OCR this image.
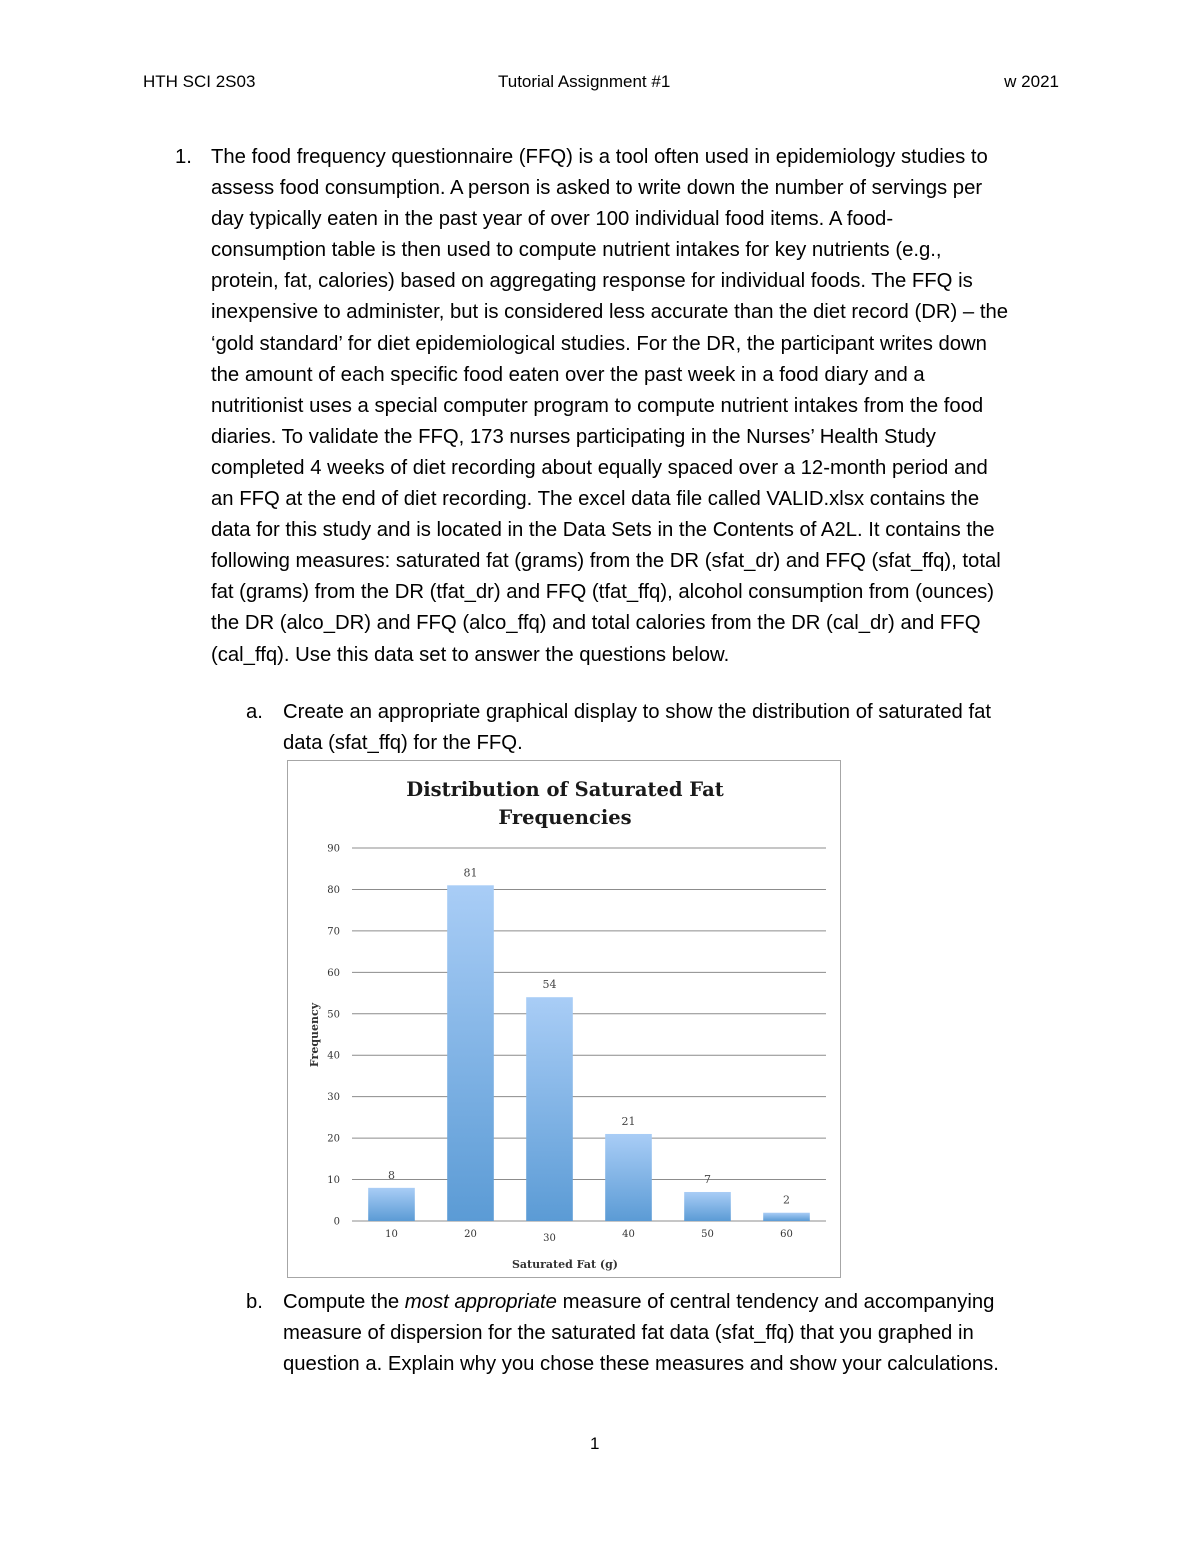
HTH SCI 2S03	Tutorial Assignment #1	w 2021
1. The food frequency questionnaire (FFQ) is a tool often used in epidemiology studies to
assess food consumption. A person is asked to write down the number of servings per
day typically eaten in the past year of over 100 individual food items. A food-
consumption table is then used to compute nutrient intakes for key nutrients (e.g.,
protein, fat, calories) based on aggregating response for individual foods. The FFQ is
inexpensive to administer, but is considered less accurate than the diet record (DR) – the
‘gold standard’ for diet epidemiological studies. For the DR, the participant writes down
the amount of each specific food eaten over the past week in a food diary and a
nutritionist uses a special computer program to compute nutrient intakes from the food
diaries. To validate the FFQ, 173 nurses participating in the Nurses’ Health Study
completed 4 weeks of diet recording about equally spaced over a 12-month period and
an FFQ at the end of diet recording. The excel data file called VALID.xlsx contains the
data for this study and is located in the Data Sets in the Contents of A2L. It contains the
following measures: saturated fat (grams) from the DR (sfat_dr) and FFQ (sfat_ffq), total
fat (grams) from the DR (tfat_dr) and FFQ (tfat_ffq), alcohol consumption from (ounces)
the DR (alco_DR) and FFQ (alco_ffq) and total calories from the DR (cal_dr) and FFQ
(cal_ffq). Use this data set to answer the questions below.
a. Create an appropriate graphical display to show the distribution of saturated fat
data (sfat_ffq) for the FFQ.
Distribution of Saturated Fat
Frequencies
0
10
20
30
40
50
60
70
80
90
8
10
81
20
54
30
21
40
7
50
2
60
Saturated Fat (g)
Frequency
b. Compute the most appropriate measure of central tendency and accompanying
measure of dispersion for the saturated fat data (sfat_ffq) that you graphed in
question a. Explain why you chose these measures and show your calculations.
1
